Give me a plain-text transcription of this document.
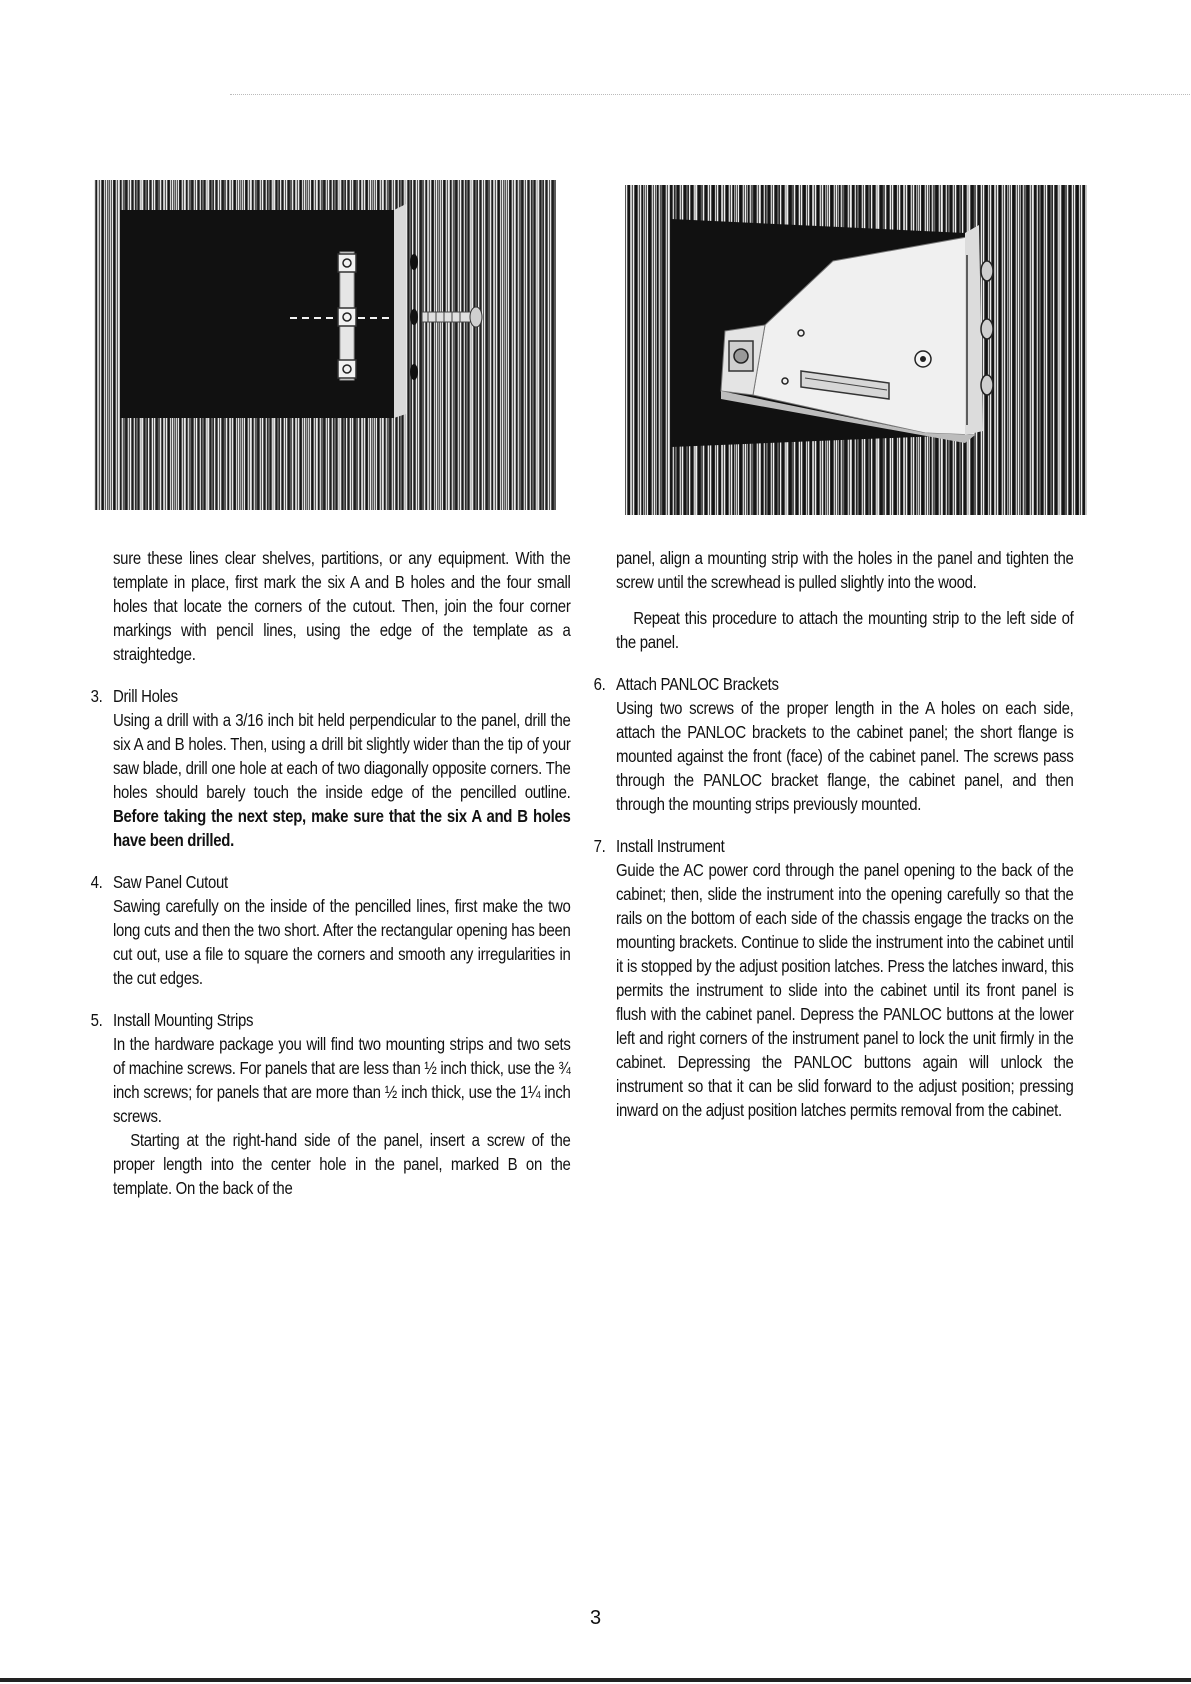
sure these lines clear shelves, partitions, or any equipment. With the template in place, first mark the six A and B holes and the four small holes that locate the corners of the cutout. Then, join the four corner markings with pencil lines, using the edge of the template as a straightedge.

3. Drill Holes

Using a drill with a 3/16 inch bit held perpendicular to the panel, drill the six A and B holes. Then, using a drill bit slightly wider than the tip of your saw blade, drill one hole at each of two diagonally opposite corners. The holes should barely touch the inside edge of the pencilled outline. Before taking the next step, make sure that the six A and B holes have been drilled.

4. Saw Panel Cutout

Sawing carefully on the inside of the pencilled lines, first make the two long cuts and then the two short. After the rectangular opening has been cut out, use a file to square the corners and smooth any irregularities in the cut edges.

5. Install Mounting Strips

In the hardware package you will find two mounting strips and two sets of machine screws. For panels that are less than ½ inch thick, use the ¾ inch screws; for panels that are more than ½ inch thick, use the 1¼ inch screws.

Starting at the right-hand side of the panel, insert a screw of the proper length into the center hole in the panel, marked B on the template. On the back of the

panel, align a mounting strip with the holes in the panel and tighten the screw until the screwhead is pulled slightly into the wood.

Repeat this procedure to attach the mounting strip to the left side of the panel.

6. Attach PANLOC Brackets

Using two screws of the proper length in the A holes on each side, attach the PANLOC brackets to the cabinet panel; the short flange is mounted against the front (face) of the cabinet panel. The screws pass through the PANLOC bracket flange, the cabinet panel, and then through the mounting strips previously mounted.

7. Install Instrument

Guide the AC power cord through the panel opening to the back of the cabinet; then, slide the instrument into the opening carefully so that the rails on the bottom of each side of the chassis engage the tracks on the mounting brackets. Continue to slide the instrument into the cabinet until it is stopped by the adjust position latches. Press the latches inward, this permits the instrument to slide into the cabinet until its front panel is flush with the cabinet panel. Depress the PANLOC buttons at the lower left and right corners of the instrument panel to lock the unit firmly in the cabinet. Depressing the PANLOC buttons again will unlock the instrument so that it can be slid forward to the adjust position; pressing inward on the adjust position latches permits removal from the cabinet.

3
